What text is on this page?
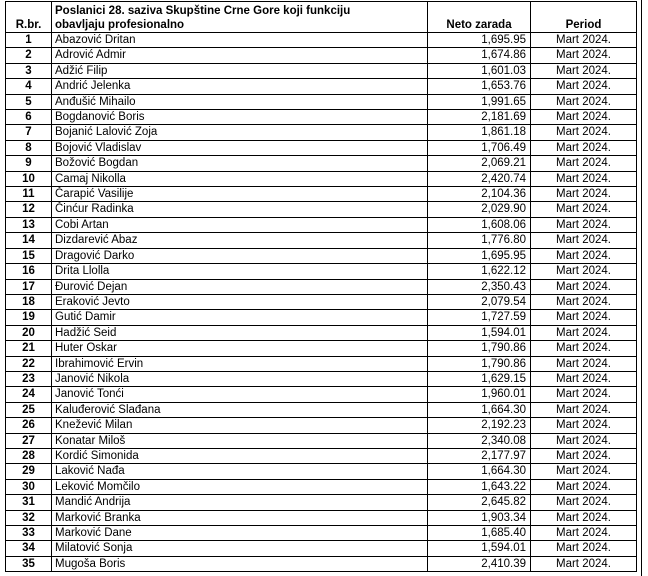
R.br.	Poslanici 28. saziva Skupštine Crne Gore koji funkciju
obavljaju profesionalno	Neto zarada	Period
1	Abazović Dritan	1,695.95	Mart 2024.
2	Adrović Admir	1,674.86	Mart 2024.
3	Adžić Filip	1,601.03	Mart 2024.
4	Andrić Jelenka	1,653.76	Mart 2024.
5	Anđušić Mihailo	1,991.65	Mart 2024.
6	Bogdanović Boris	2,181.69	Mart 2024.
7	Bojanić Lalović Zoja	1,861.18	Mart 2024.
8	Bojović Vladislav	1,706.49	Mart 2024.
9	Božović Bogdan	2,069.21	Mart 2024.
10	Camaj Nikolla	2,420.74	Mart 2024.
11	Čarapić Vasilije	2,104.36	Mart 2024.
12	Činćur Radinka	2,029.90	Mart 2024.
13	Cobi Artan	1,608.06	Mart 2024.
14	Dizdarević Abaz	1,776.80	Mart 2024.
15	Dragović Darko	1,695.95	Mart 2024.
16	Drita Llolla	1,622.12	Mart 2024.
17	Đurović Dejan	2,350.43	Mart 2024.
18	Eraković Jevto	2,079.54	Mart 2024.
19	Gutić Damir	1,727.59	Mart 2024.
20	Hadžić Seid	1,594.01	Mart 2024.
21	Huter Oskar	1,790.86	Mart 2024.
22	Ibrahimović Ervin	1,790.86	Mart 2024.
23	Janović Nikola	1,629.15	Mart 2024.
24	Janović Tonći	1,960.01	Mart 2024.
25	Kaluđerović Slađana	1,664.30	Mart 2024.
26	Knežević Milan	2,192.23	Mart 2024.
27	Konatar Miloš	2,340.08	Mart 2024.
28	Kordić Simonida	2,177.97	Mart 2024.
29	Laković Nađa	1,664.30	Mart 2024.
30	Leković Momčilo	1,643.22	Mart 2024.
31	Mandić Andrija	2,645.82	Mart 2024.
32	Marković Branka	1,903.34	Mart 2024.
33	Marković Dane	1,685.40	Mart 2024.
34	Milatović Sonja	1,594.01	Mart 2024.
35	Mugoša Boris	2,410.39	Mart 2024.
